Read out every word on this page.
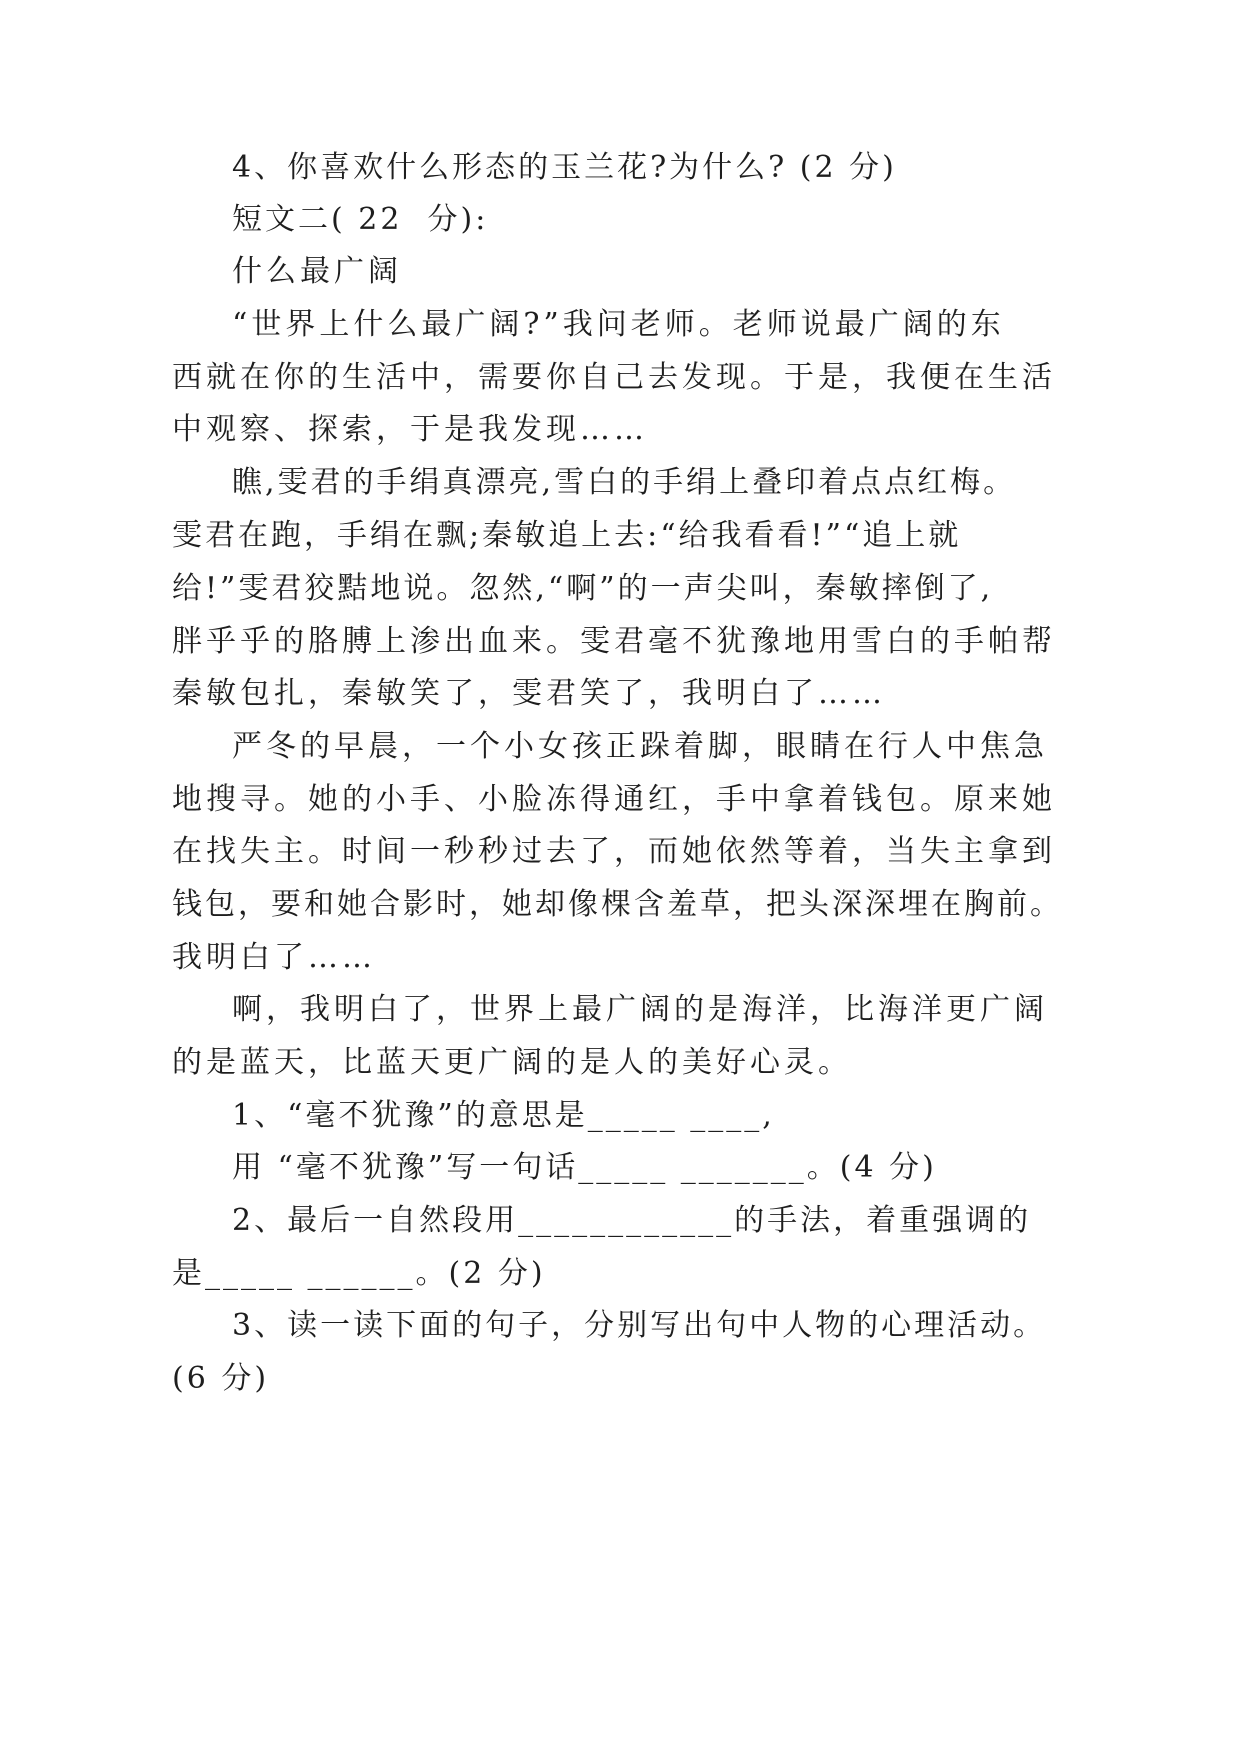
4、你喜欢什么形态的玉兰花?为什么? (2 分)
短文二( 22  分):
什么最广阔
“世界上什么最广阔?”我问老师。老师说最广阔的东
西就在你的生活中，需要你自己去发现。于是，我便在生活
中观察、探索，于是我发现……
瞧,雯君的手绢真漂亮,雪白的手绢上叠印着点点红梅。
雯君在跑，手绢在飘;秦敏追上去:“给我看看!”“追上就
给!”雯君狡黠地说。忽然,“啊”的一声尖叫，秦敏摔倒了,
胖乎乎的胳膊上渗出血来。雯君毫不犹豫地用雪白的手帕帮
秦敏包扎，秦敏笑了，雯君笑了，我明白了……
严冬的早晨，一个小女孩正跺着脚，眼睛在行人中焦急
地搜寻。她的小手、小脸冻得通红，手中拿着钱包。原来她
在找失主。时间一秒秒过去了，而她依然等着，当失主拿到
钱包，要和她合影时，她却像棵含羞草，把头深深埋在胸前。
我明白了……
啊，我明白了，世界上最广阔的是海洋，比海洋更广阔
的是蓝天，比蓝天更广阔的是人的美好心灵。
1、“毫不犹豫”的意思是_____ ____,
用 “毫不犹豫”写一句话_____ _______。(4 分)
2、最后一自然段用____________的手法，着重强调的
是_____ ______。(2 分)
3、读一读下面的句子，分别写出句中人物的心理活动。
(6 分)
